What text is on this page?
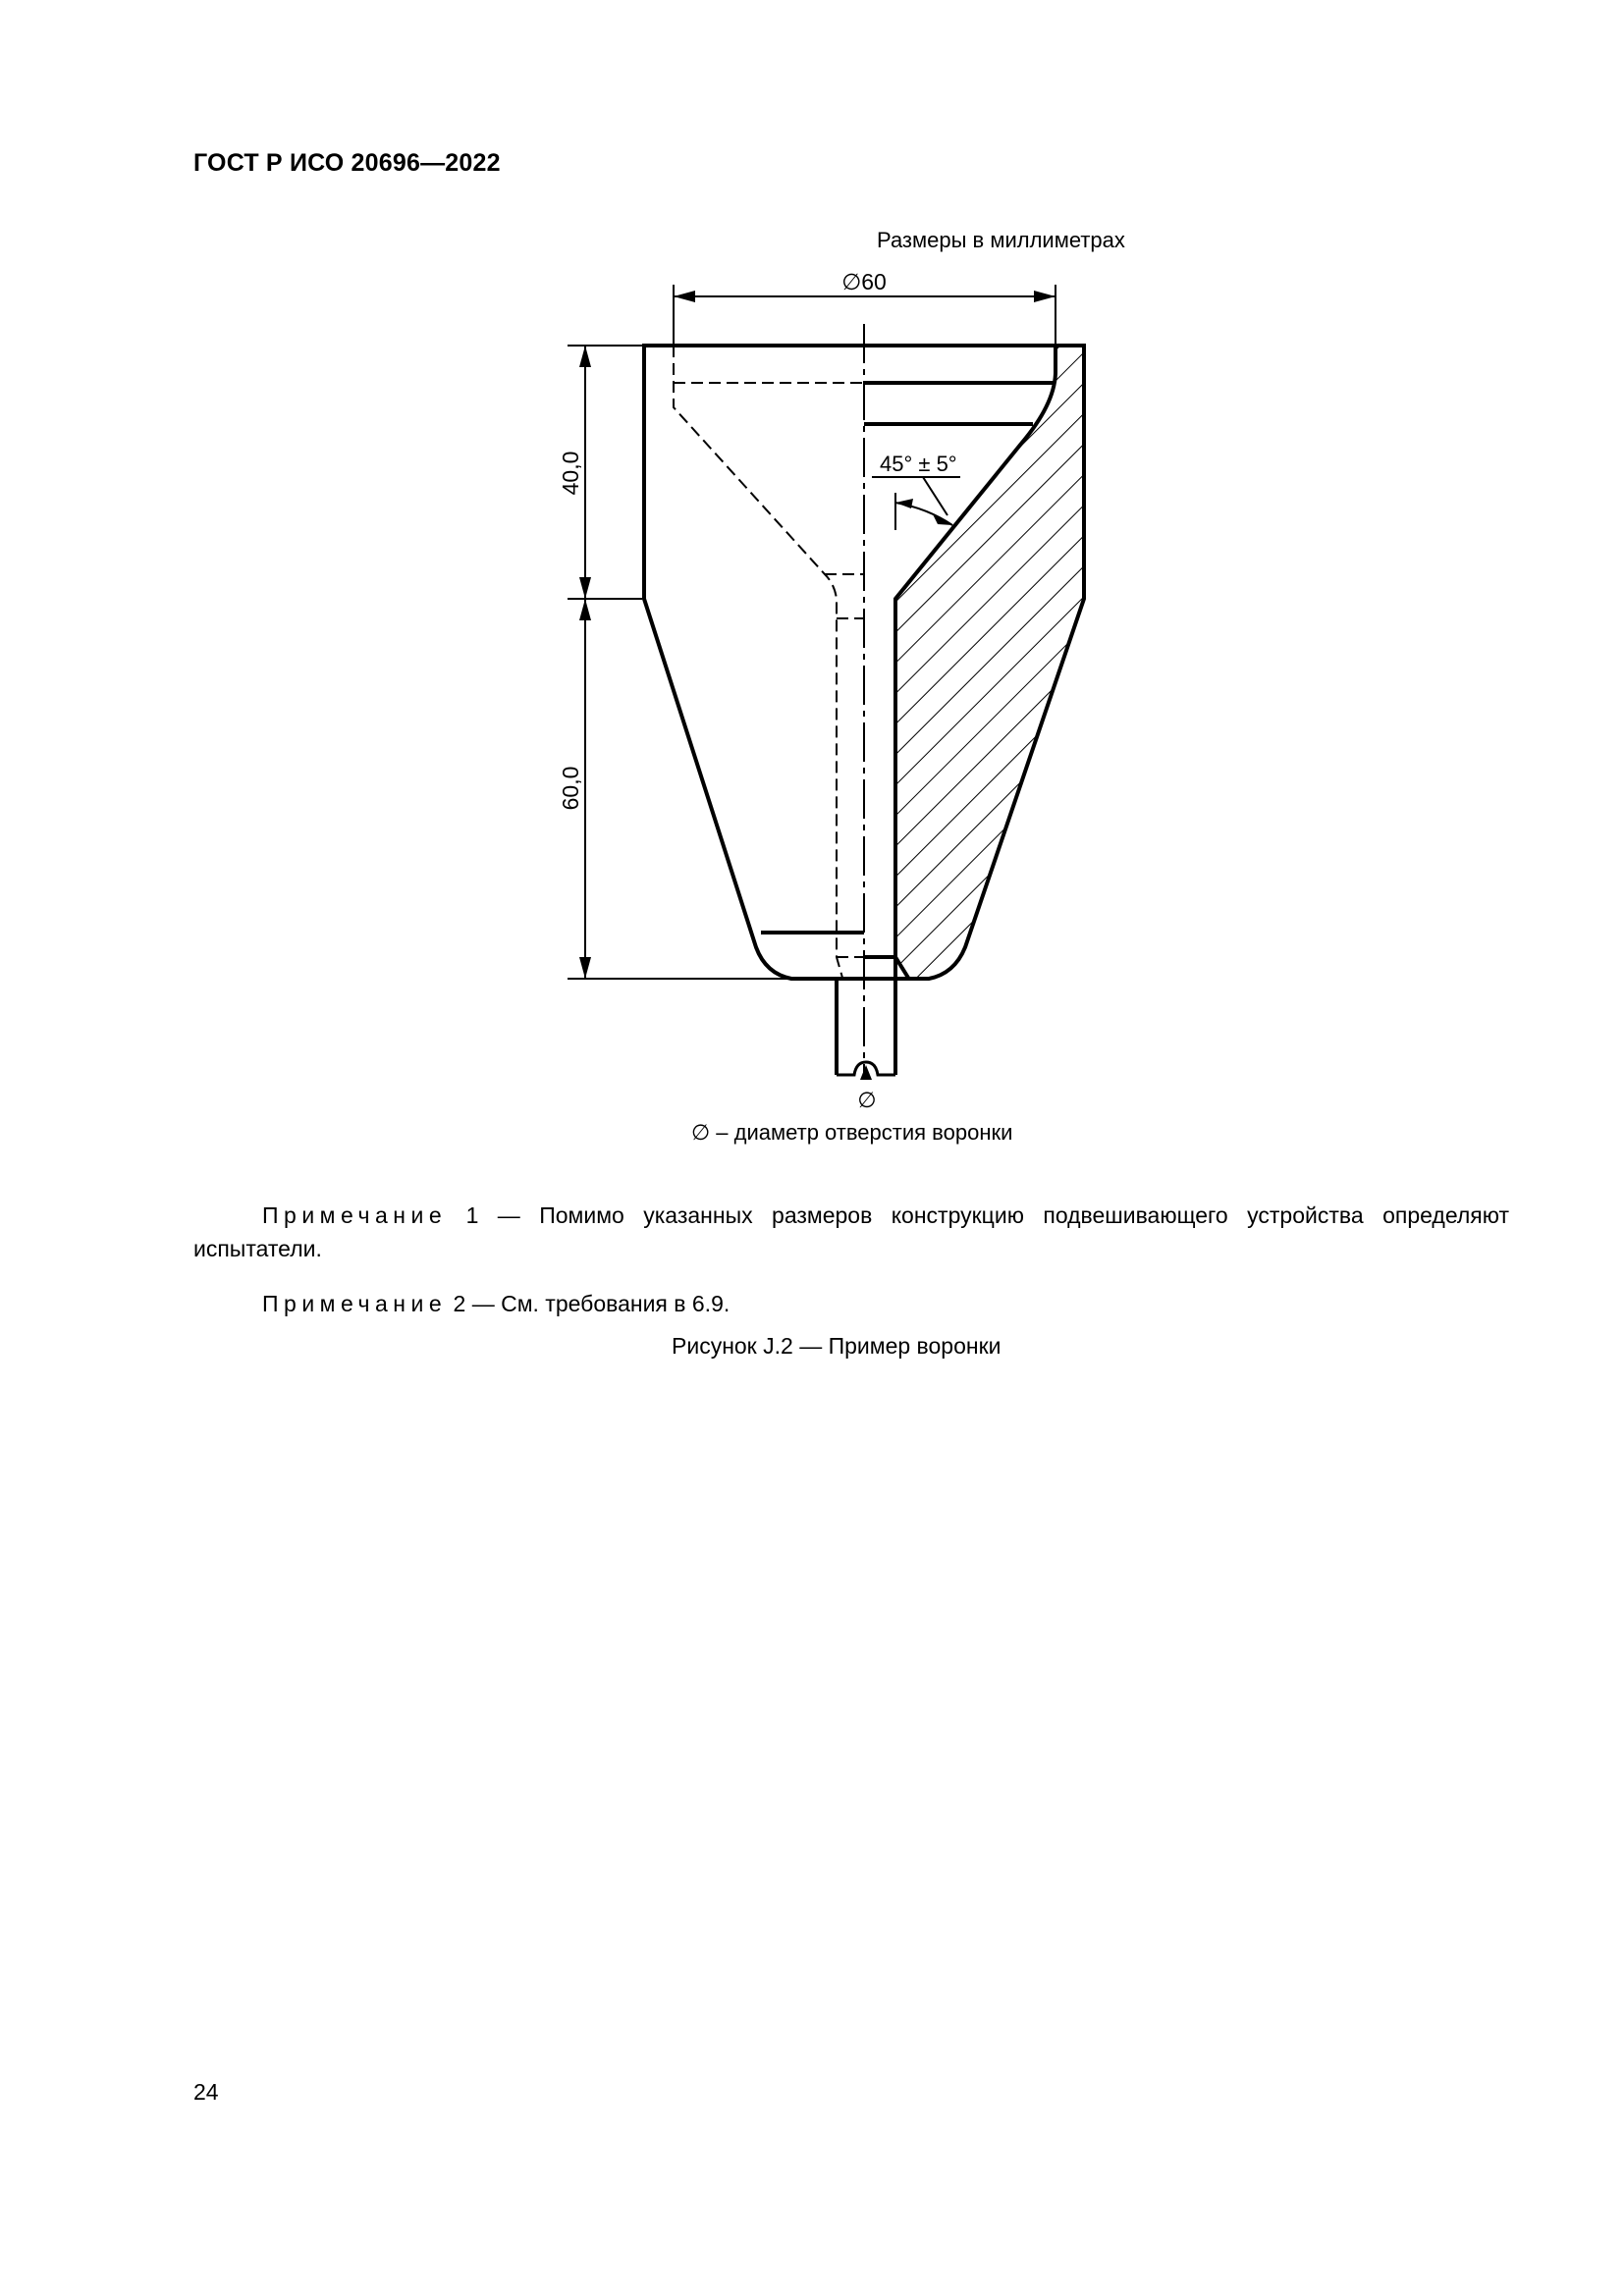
ГОСТ Р ИСО 20696—2022
Размеры в миллиметрах
∅60
40,0
60,0
45° ± 5°
∅
∅ – диаметр отверстия воронки
Примечание 1 — Помимо указанных размеров конструкцию подвешивающего устройства определяют испытатели.
Примечание 2 — См. требования в 6.9.
Рисунок J.2 — Пример воронки
24
